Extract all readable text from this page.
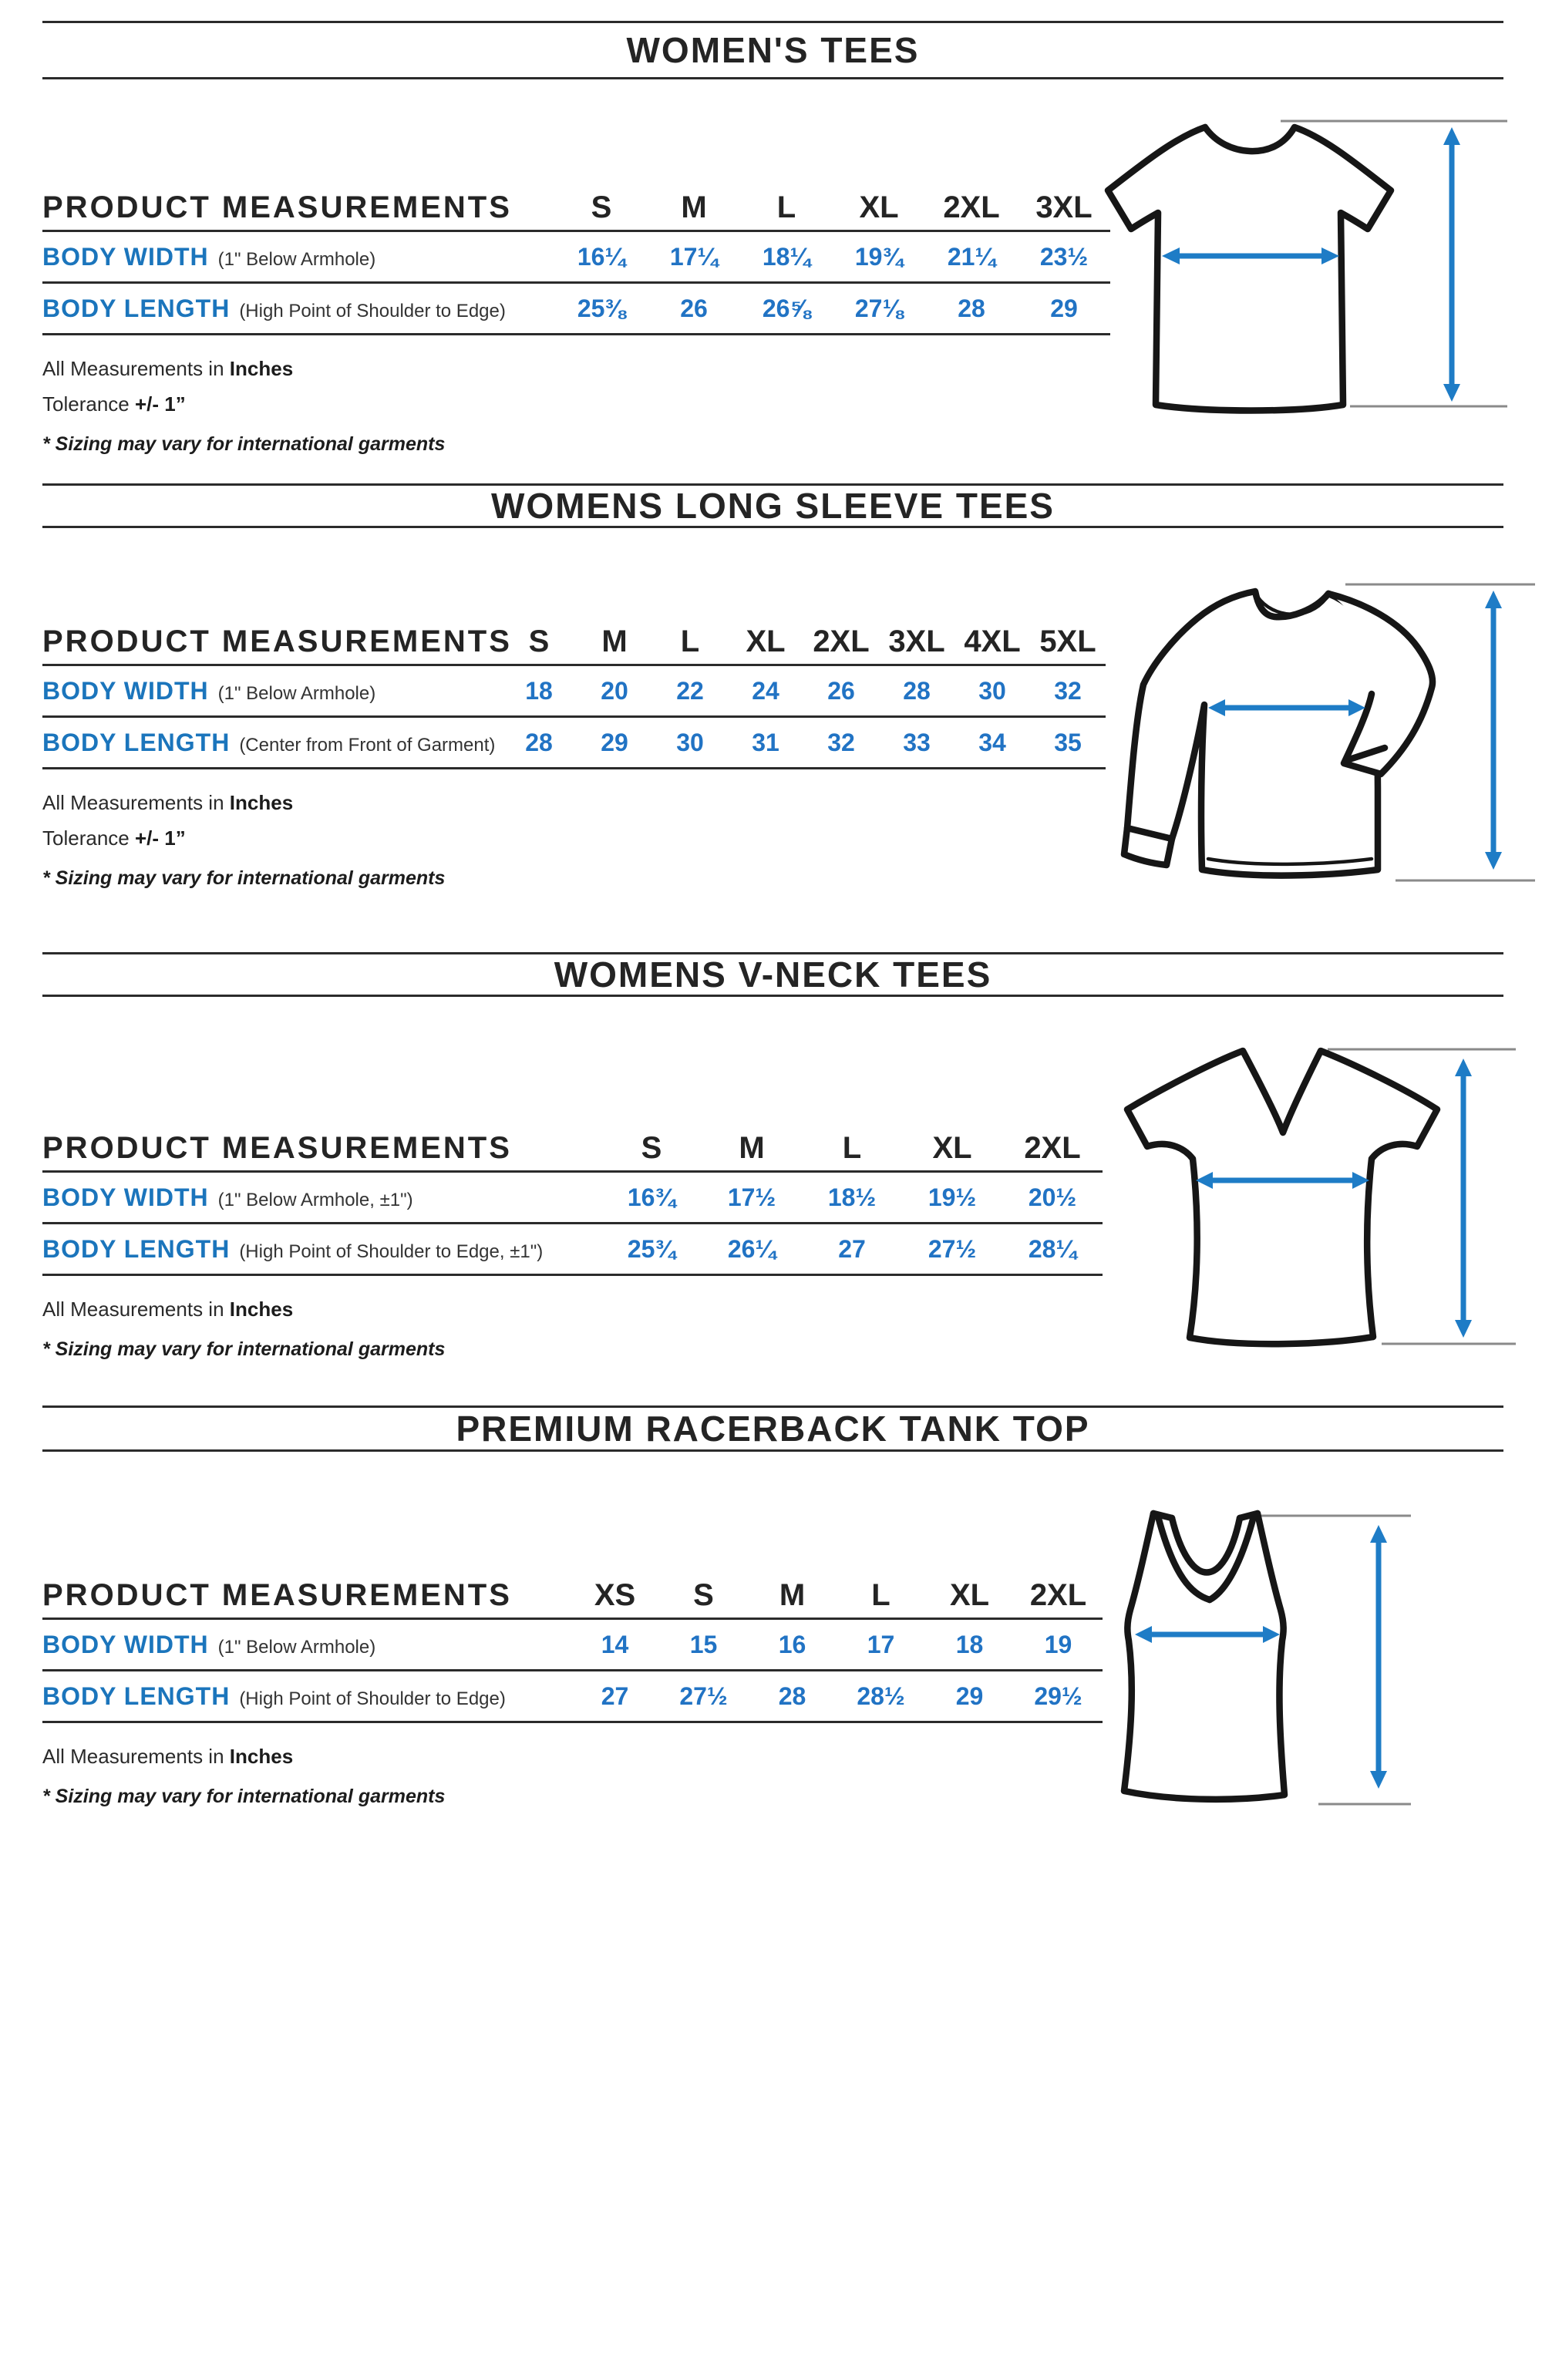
WOMEN'S TEES
PRODUCT MEASUREMENTS	S	M	L	XL	2XL	3XL
BODY WIDTH (1" Below Armhole)	16¼	17¼	18¼	19¾	21¼	23½
BODY LENGTH (High Point of Shoulder to Edge)	25⅜	26	26⅝	27⅛	28	29

All Measurements in Inches

Tolerance +/- 1”

* Sizing may vary for international garments

WOMENS LONG SLEEVE TEES
PRODUCT MEASUREMENTS S	M	L	XL 2XL 3XL 4XL 5XL
BODY WIDTH (1" Below Armhole)	18	20	22	24	26	28	30	32
BODY LENGTH (Center from Front of Garment)	28	29	30	31	32	33	34	35

All Measurements in Inches

Tolerance +/- 1”

* Sizing may vary for international garments

WOMENS V-NECK TEES
PRODUCT MEASUREMENTS	S	M	L	XL	2XL
BODY WIDTH (1" Below Armhole, ±1")	16¾	17½	18½	19½	20½
BODY LENGTH (High Point of Shoulder to Edge, ±1")	25¾	26¼	27	27½	28¼

All Measurements in Inches

* Sizing may vary for international garments

PREMIUM RACERBACK TANK TOP
PRODUCT MEASUREMENTS	XS	S	M	L	XL	2XL
BODY WIDTH (1" Below Armhole)	14	15	16	17	18	19
BODY LENGTH (High Point of Shoulder to Edge)	27	27½	28	28½	29	29½

All Measurements in Inches

* Sizing may vary for international garments
